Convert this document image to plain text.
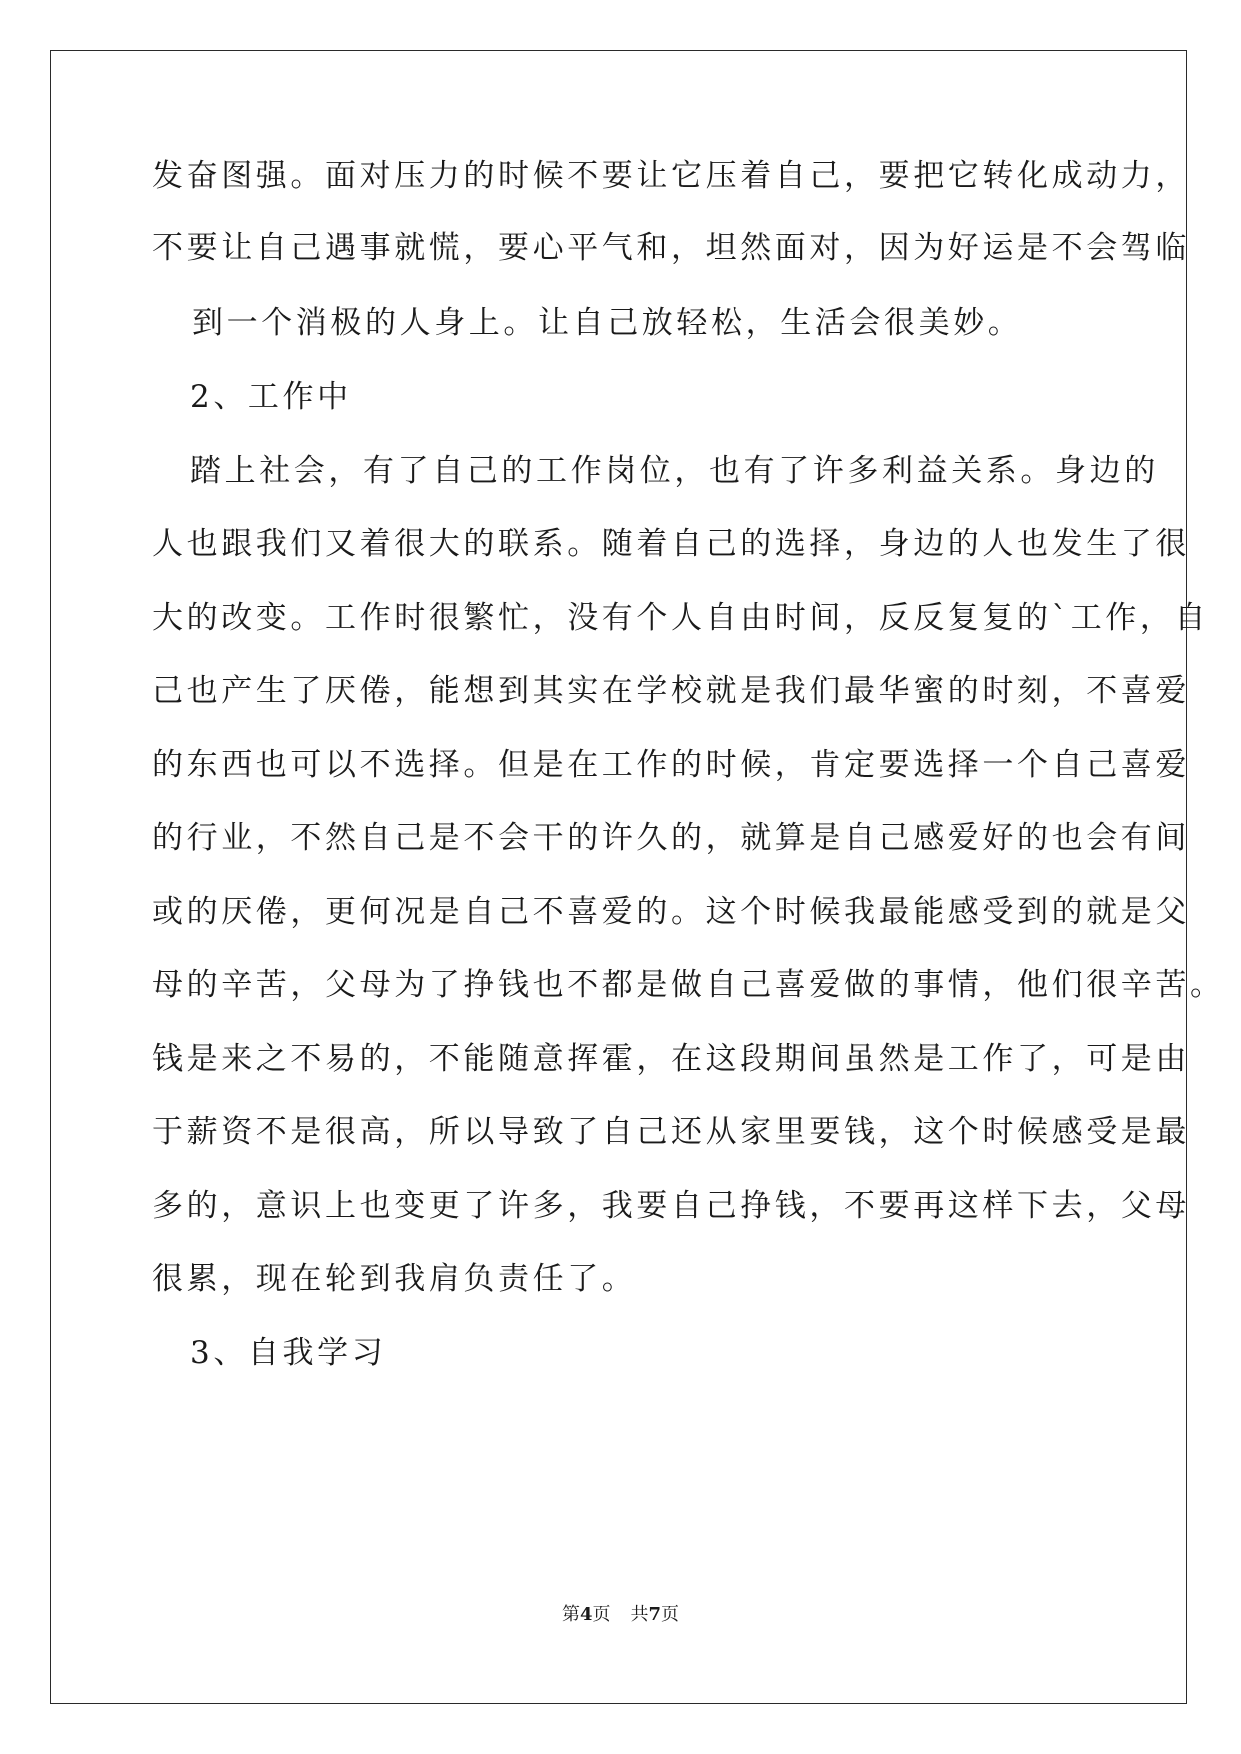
发奋图强。面对压力的时候不要让它压着自己，要把它转化成动力，
不要让自己遇事就慌，要心平气和，坦然面对，因为好运是不会驾临
到一个消极的人身上。让自己放轻松，生活会很美妙。
2、工作中
踏上社会，有了自己的工作岗位，也有了许多利益关系。身边的
人也跟我们又着很大的联系。随着自己的选择，身边的人也发生了很
大的改变。工作时很繁忙，没有个人自由时间，反反复复的`工作，自
己也产生了厌倦，能想到其实在学校就是我们最华蜜的时刻，不喜爱
的东西也可以不选择。但是在工作的时候，肯定要选择一个自己喜爱
的行业，不然自己是不会干的许久的，就算是自己感爱好的也会有间
或的厌倦，更何况是自己不喜爱的。这个时候我最能感受到的就是父
母的辛苦，父母为了挣钱也不都是做自己喜爱做的事情，他们很辛苦。
钱是来之不易的，不能随意挥霍，在这段期间虽然是工作了，可是由
于薪资不是很高，所以导致了自己还从家里要钱，这个时候感受是最
多的，意识上也变更了许多，我要自己挣钱，不要再这样下去，父母
很累，现在轮到我肩负责任了。
3、自我学习
第4页 共7页
